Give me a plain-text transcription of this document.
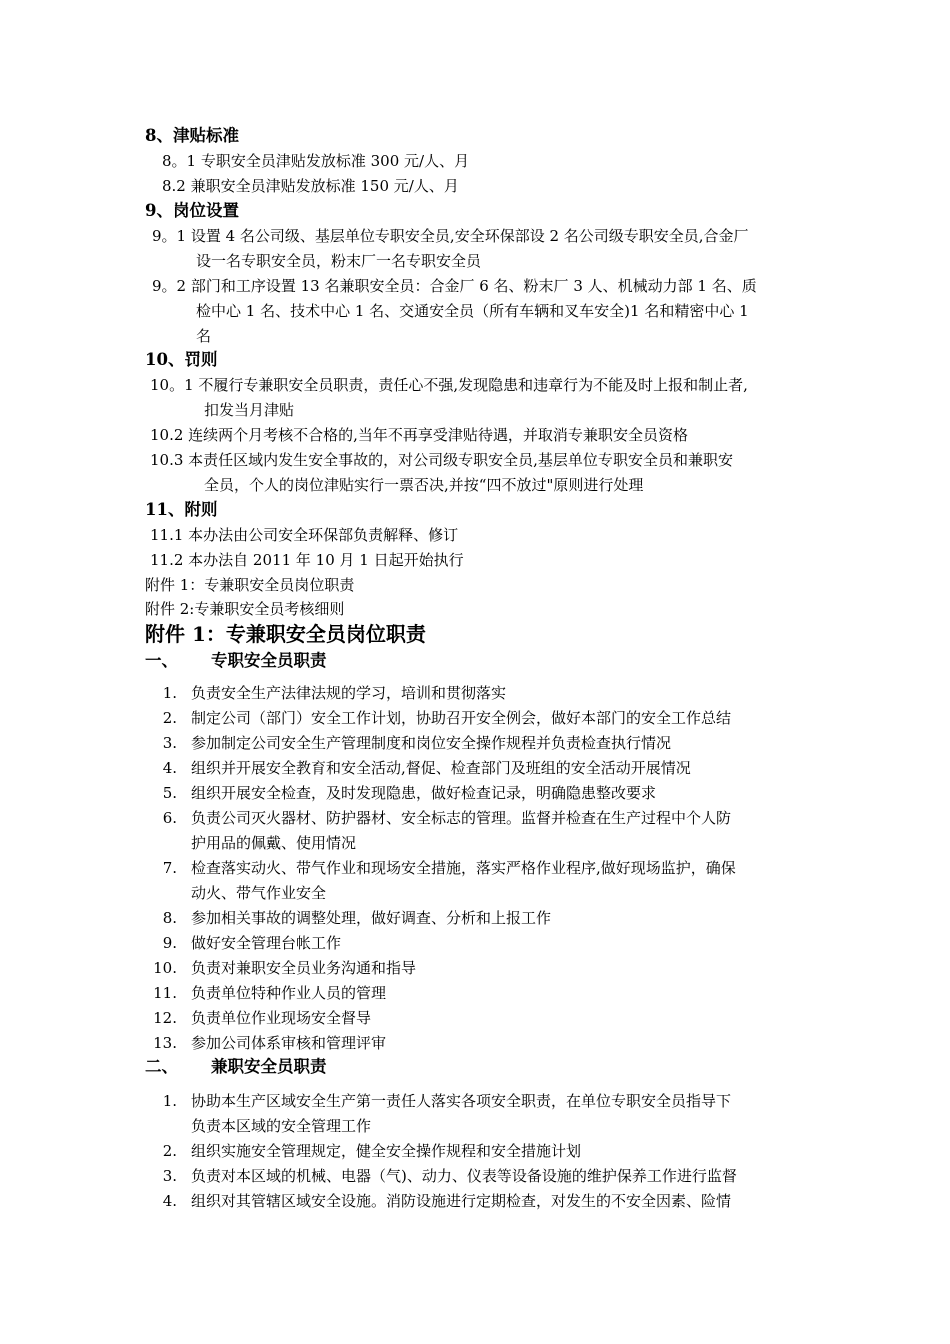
8、津贴标准
9、岗位设置
10、罚则
11、附则
8。1 专职安全员津贴发放标准 300 元/人、月
8.2 兼职安全员津贴发放标准 150 元/人、月
9。1 设置 4 名公司级、基层单位专职安全员,安全环保部设 2 名公司级专职安全员,合金厂
设一名专职安全员，粉末厂一名专职安全员
9。2 部门和工序设置 13 名兼职安全员：合金厂 6 名、粉末厂 3 人、机械动力部 1 名、质
检中心 1 名、技术中心 1 名、交通安全员（所有车辆和叉车安全)1 名和精密中心 1
名
10。1 不履行专兼职安全员职责，责任心不强,发现隐患和违章行为不能及时上报和制止者,
扣发当月津贴
10.2 连续两个月考核不合格的,当年不再享受津贴待遇，并取消专兼职安全员资格
10.3 本责任区域内发生安全事故的，对公司级专职安全员,基层单位专职安全员和兼职安
全员，个人的岗位津贴实行一票否决,并按“四不放过"原则进行处理
11.1 本办法由公司安全环保部负责解释、修订
11.2 本办法自 2011 年 10 月 1 日起开始执行
附件 1：专兼职安全员岗位职责
附件 2:专兼职安全员考核细则
附件 1：专兼职安全员岗位职责
一、 专职安全员职责
二、 兼职安全员职责
1. 负责安全生产法律法规的学习，培训和贯彻落实
2. 制定公司（部门）安全工作计划，协助召开安全例会，做好本部门的安全工作总结
3. 参加制定公司安全生产管理制度和岗位安全操作规程并负责检查执行情况
4. 组织并开展安全教育和安全活动,督促、检查部门及班组的安全活动开展情况
5. 组织开展安全检查，及时发现隐患，做好检查记录，明确隐患整改要求
6. 负责公司灭火器材、防护器材、安全标志的管理。监督并检查在生产过程中个人防
护用品的佩戴、使用情况
7. 检查落实动火、带气作业和现场安全措施，落实严格作业程序,做好现场监护，确保
动火、带气作业安全
8. 参加相关事故的调整处理，做好调查、分析和上报工作
9. 做好安全管理台帐工作
10. 负责对兼职安全员业务沟通和指导
11. 负责单位特种作业人员的管理
12. 负责单位作业现场安全督导
13. 参加公司体系审核和管理评审
1. 协助本生产区域安全生产第一责任人落实各项安全职责，在单位专职安全员指导下
负责本区域的安全管理工作
2. 组织实施安全管理规定，健全安全操作规程和安全措施计划
3. 负责对本区域的机械、电器（气)、动力、仪表等设备设施的维护保养工作进行监督
4. 组织对其管辖区域安全设施。消防设施进行定期检查，对发生的不安全因素、险情
